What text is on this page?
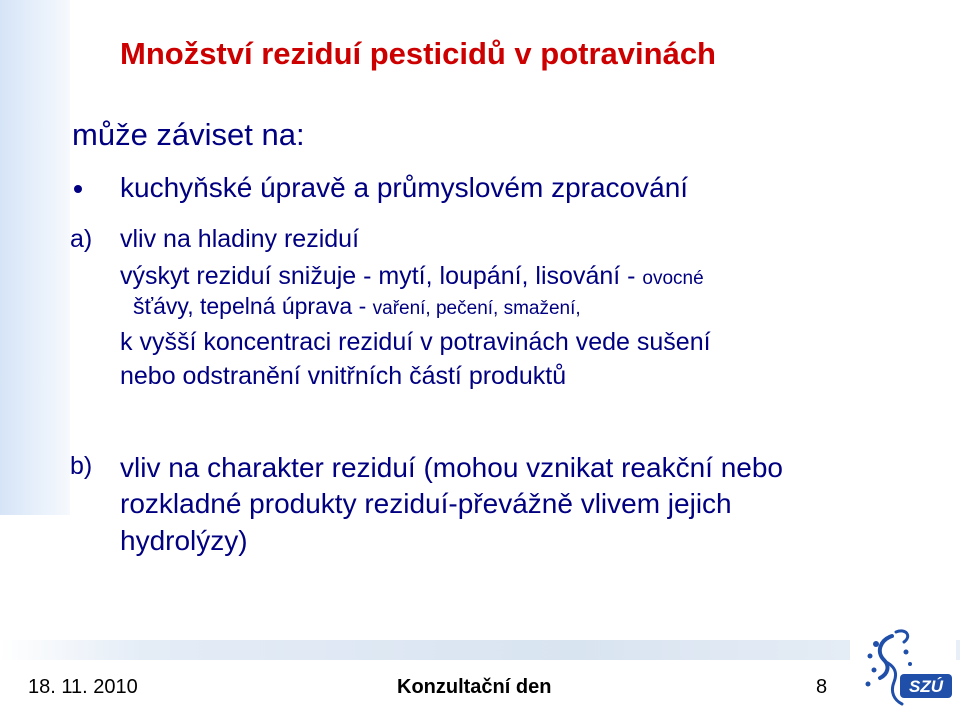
Množství reziduí pesticidů v potravinách
může záviset na:
kuchyňské úpravě a průmyslovém zpracování
a) vliv na hladiny reziduí
výskyt reziduí snižuje - mytí, loupání, lisování - ovocné
šťávy, tepelná úprava - vaření, pečení, smažení,
k vyšší koncentraci reziduí v potravinách vede sušení
nebo odstranění vnitřních částí produktů
b) vliv na charakter reziduí (mohou vznikat reakční nebo
rozkladné produkty reziduí-převážně vlivem jejich
hydrolýzy)
18. 11. 2010	Konzultační den	8	SZÚ
